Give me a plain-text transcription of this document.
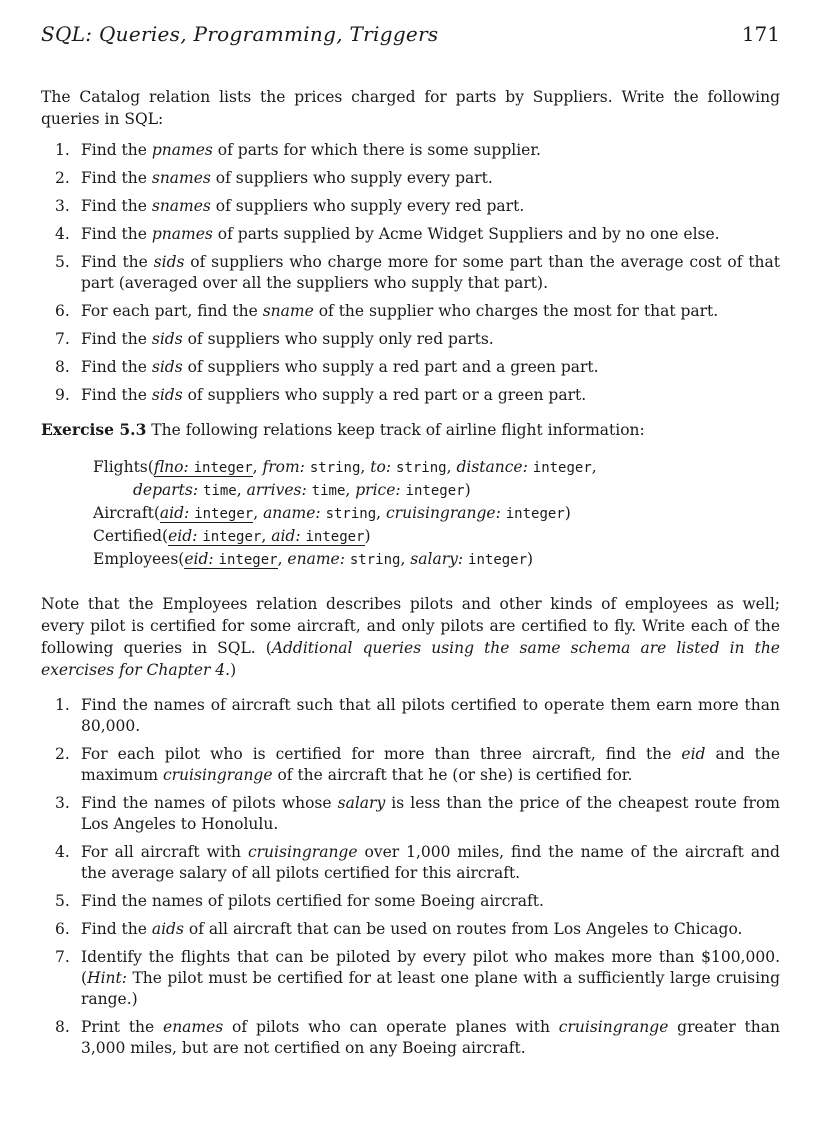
SQL: Queries, Programming, Triggers	171

The Catalog relation lists the prices charged for parts by Suppliers. Write the following queries in SQL:

1. Find the pnames of parts for which there is some supplier.
2. Find the snames of suppliers who supply every part.
3. Find the snames of suppliers who supply every red part.
4. Find the pnames of parts supplied by Acme Widget Suppliers and by no one else.
5. Find the sids of suppliers who charge more for some part than the average cost of that part (averaged over all the suppliers who supply that part).
6. For each part, find the sname of the supplier who charges the most for that part.
7. Find the sids of suppliers who supply only red parts.
8. Find the sids of suppliers who supply a red part and a green part.
9. Find the sids of suppliers who supply a red part or a green part.

Exercise 5.3 The following relations keep track of airline flight information:

Flights(flno: integer, from: string, to: string, distance: integer,
departs: time, arrives: time, price: integer)
Aircraft(aid: integer, aname: string, cruisingrange: integer)
Certified(eid: integer, aid: integer)
Employees(eid: integer, ename: string, salary: integer)

Note that the Employees relation describes pilots and other kinds of employees as well; every pilot is certified for some aircraft, and only pilots are certified to fly. Write each of the following queries in SQL. (Additional queries using the same schema are listed in the exercises for Chapter 4.)

1. Find the names of aircraft such that all pilots certified to operate them earn more than 80,000.
2. For each pilot who is certified for more than three aircraft, find the eid and the maximum cruisingrange of the aircraft that he (or she) is certified for.
3. Find the names of pilots whose salary is less than the price of the cheapest route from Los Angeles to Honolulu.
4. For all aircraft with cruisingrange over 1,000 miles, find the name of the aircraft and the average salary of all pilots certified for this aircraft.
5. Find the names of pilots certified for some Boeing aircraft.
6. Find the aids of all aircraft that can be used on routes from Los Angeles to Chicago.
7. Identify the flights that can be piloted by every pilot who makes more than $100,000. (Hint: The pilot must be certified for at least one plane with a sufficiently large cruising range.)
8. Print the enames of pilots who can operate planes with cruisingrange greater than 3,000 miles, but are not certified on any Boeing aircraft.
